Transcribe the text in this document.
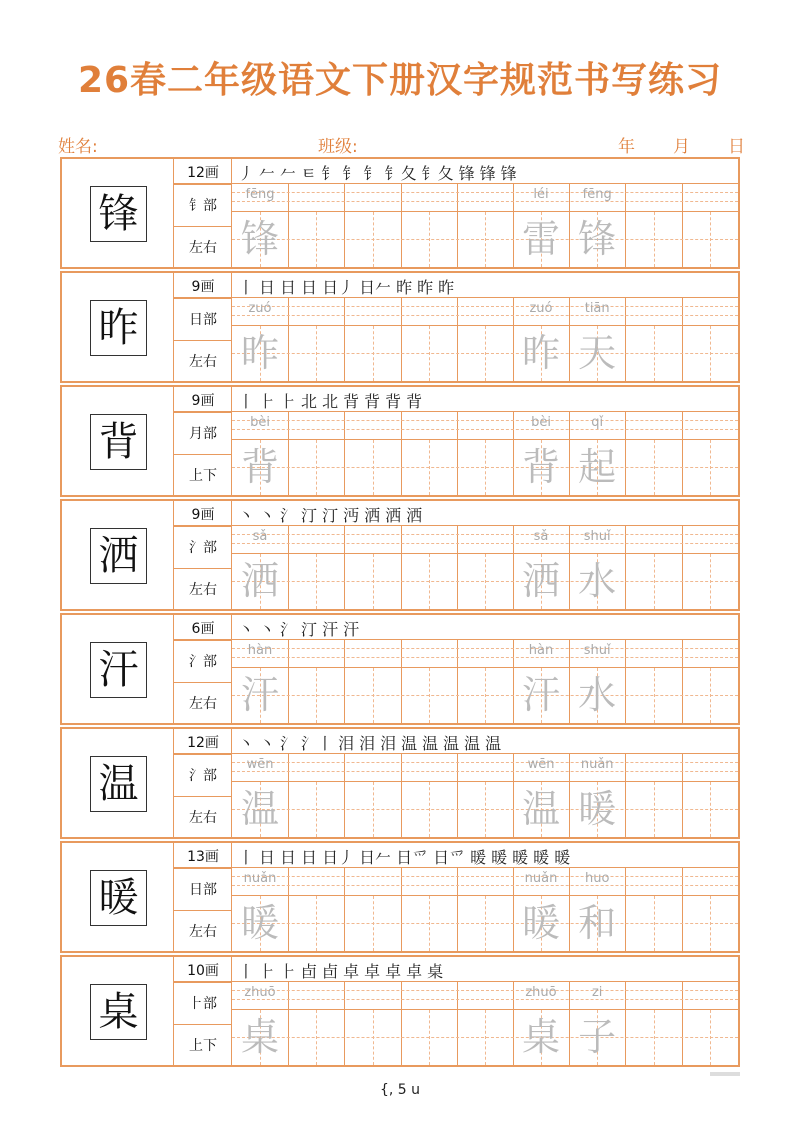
26春二年级语文下册汉字规范书写练习
姓名:	班级:	年 月 日
锋
12画
钅部
左右
丿 𠂉 𠂉 ㅌ 钅 钅 钅 钅夂 钅夂 锋 锋 锋
fēng
锋
léi
雷
fēng
锋
昨
9画
日部
左右
丨 日 日 日 日丿 日𠂉 昨 昨 昨
zuó
昨
zuó
昨
tiān
天
背
9画
月部
上下
丨 ⺊ ⺊ 北 北 背 背 背 背
bèi
背
bèi
背
qǐ
起
洒
9画
氵部
左右
丶 丶 氵 汀 汀 沔 洒 洒 洒
sǎ
洒
sǎ
洒
shuǐ
水
汗
6画
氵部
左右
丶 丶 氵 汀 汗 汗
hàn
汗
hàn
汗
shuǐ
水
温
12画
氵部
左右
丶 丶 氵 氵丨 泪 泪 泪 温 温 温 温 温
wēn
温
wēn
温
nuǎn
暖
暖
13画
日部
左右
丨 日 日 日 日丿 日𠂉 日爫 日爫 暖 暖 暖 暖 暖
nuǎn
暖
nuǎn
暖
huo
和
桌
10画
⺊部
上下
丨 ⺊ ⺊ 卣 卣 卓 卓 卓 卓 桌
zhuō
桌
zhuō
桌
zi
子
{, 5 u
